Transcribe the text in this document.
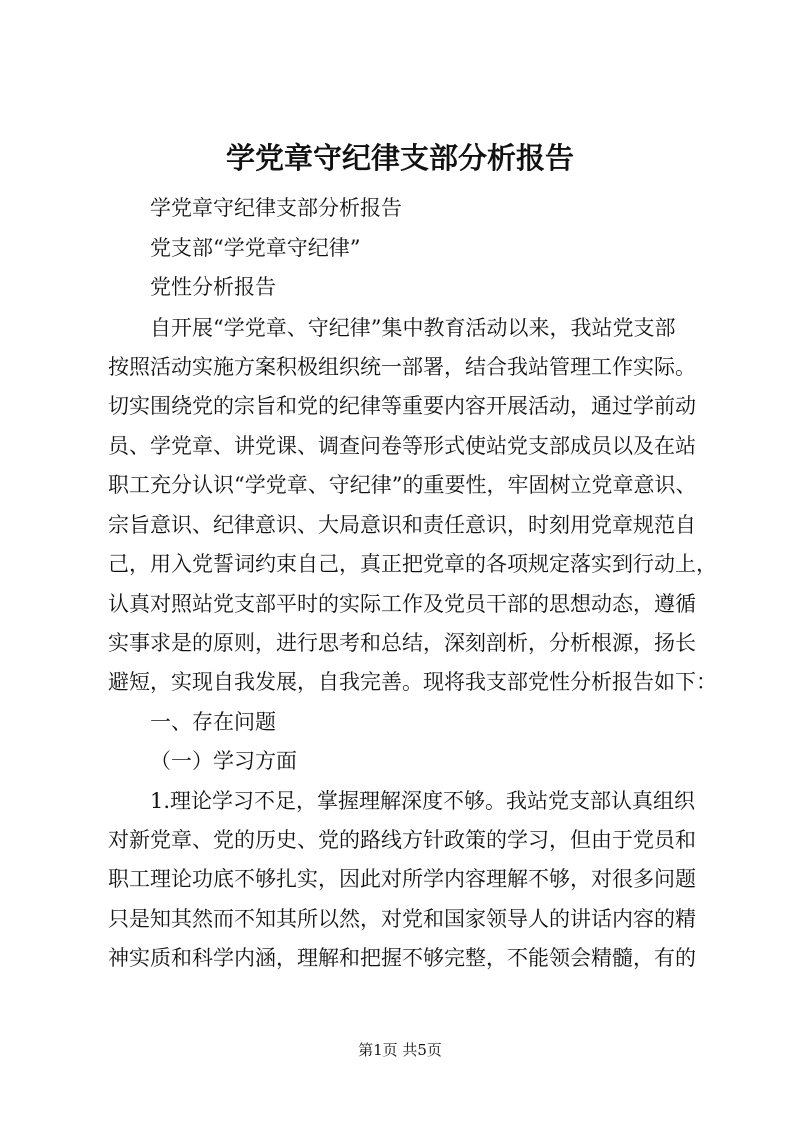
学党章守纪律支部分析报告
学党章守纪律支部分析报告
党支部“学党章守纪律”
党性分析报告
自开展“学党章、守纪律”集中教育活动以来，我站党支部
按照活动实施方案积极组织统一部署，结合我站管理工作实际。
切实围绕党的宗旨和党的纪律等重要内容开展活动，通过学前动
员、学党章、讲党课、调查问卷等形式使站党支部成员以及在站
职工充分认识“学党章、守纪律”的重要性，牢固树立党章意识、
宗旨意识、纪律意识、大局意识和责任意识，时刻用党章规范自
己，用入党誓词约束自己，真正把党章的各项规定落实到行动上，
认真对照站党支部平时的实际工作及党员干部的思想动态，遵循
实事求是的原则，进行思考和总结，深刻剖析，分析根源，扬长
避短，实现自我发展，自我完善。现将我支部党性分析报告如下：
一、存在问题
（一）学习方面
1.理论学习不足，掌握理解深度不够。我站党支部认真组织
对新党章、党的历史、党的路线方针政策的学习，但由于党员和
职工理论功底不够扎实，因此对所学内容理解不够，对很多问题
只是知其然而不知其所以然，对党和国家领导人的讲话内容的精
神实质和科学内涵，理解和把握不够完整，不能领会精髓，有的
第1页 共5页
